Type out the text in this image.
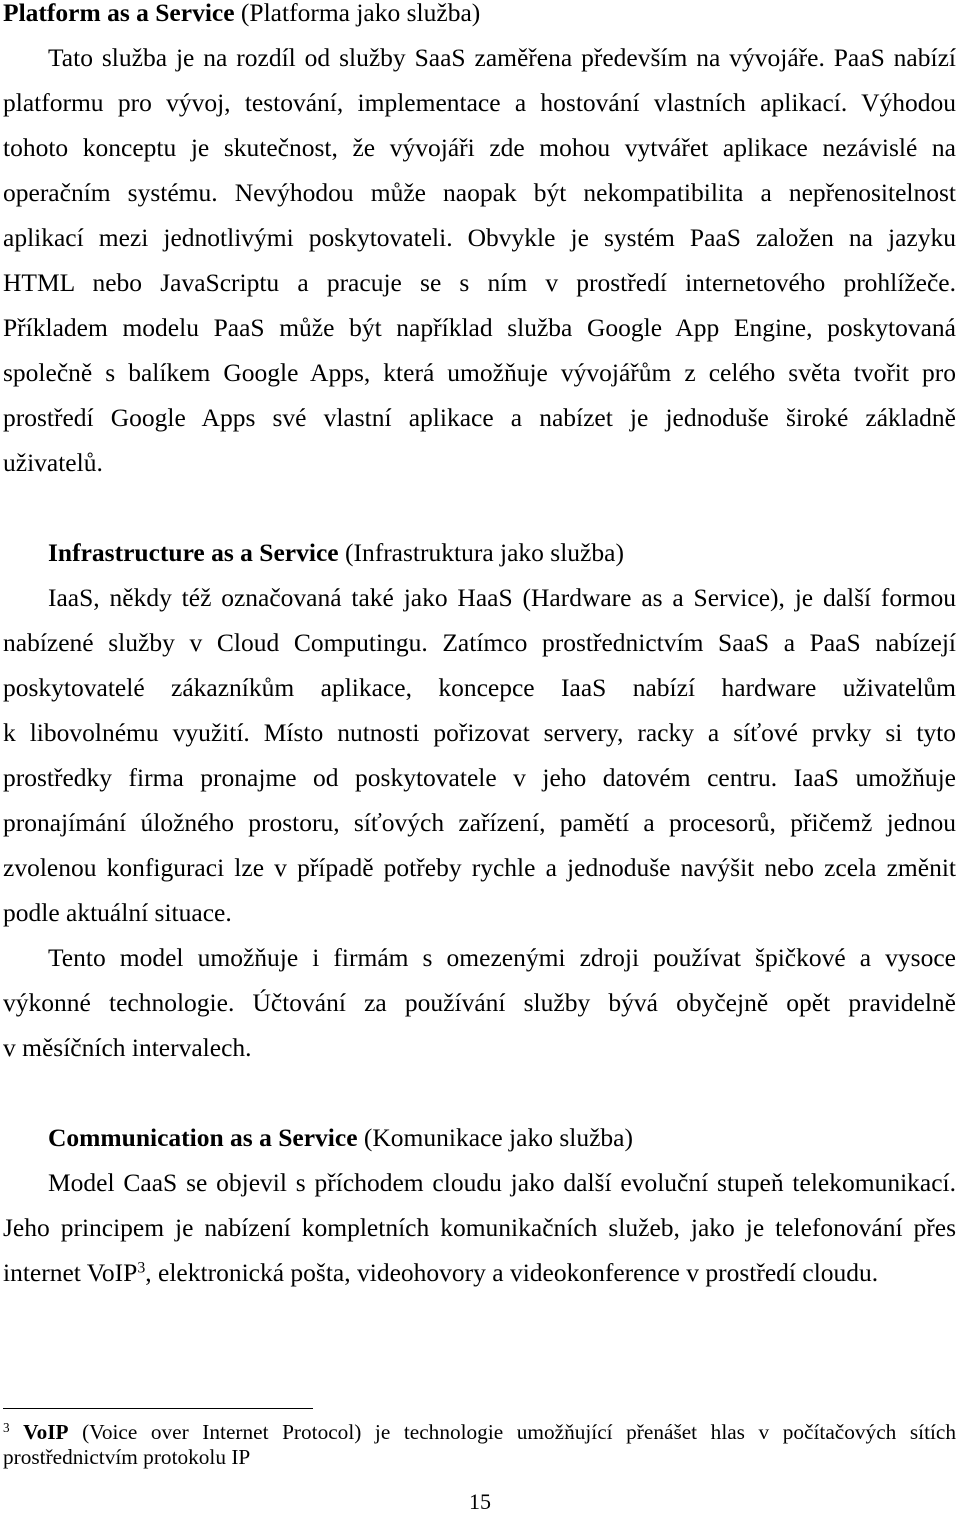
Platform as a Service (Platforma jako služba)
Tato služba je na rozdíl od služby SaaS zaměřena především na vývojáře. PaaS nabízí
platformu pro vývoj, testování, implementace a hostování vlastních aplikací. Výhodou
tohoto konceptu je skutečnost, že vývojáři zde mohou vytvářet aplikace nezávislé na
operačním systému. Nevýhodou může naopak být nekompatibilita a nepřenositelnost
aplikací mezi jednotlivými poskytovateli. Obvykle je systém PaaS založen na jazyku
HTML nebo JavaScriptu a pracuje se s ním v prostředí internetového prohlížeče.
Příkladem modelu PaaS může být například služba Google App Engine, poskytovaná
společně s balíkem Google Apps, která umožňuje vývojářům z celého světa tvořit pro
prostředí Google Apps své vlastní aplikace a nabízet je jednoduše široké základně
uživatelů.
Infrastructure as a Service (Infrastruktura jako služba)
IaaS, někdy též označovaná také jako HaaS (Hardware as a Service), je další formou
nabízené služby v Cloud Computingu. Zatímco prostřednictvím SaaS a PaaS nabízejí
poskytovatelé zákazníkům aplikace, koncepce IaaS nabízí hardware uživatelům
k libovolnému využití. Místo nutnosti pořizovat servery, racky a síťové prvky si tyto
prostředky firma pronajme od poskytovatele v jeho datovém centru. IaaS umožňuje
pronajímání úložného prostoru, síťových zařízení, pamětí a procesorů, přičemž jednou
zvolenou konfiguraci lze v případě potřeby rychle a jednoduše navýšit nebo zcela změnit
podle aktuální situace.
Tento model umožňuje i firmám s omezenými zdroji používat špičkové a vysoce
výkonné technologie. Účtování za používání služby bývá obyčejně opět pravidelně
v měsíčních intervalech.
Communication as a Service (Komunikace jako služba)
Model CaaS se objevil s příchodem cloudu jako další evoluční stupeň telekomunikací.
Jeho principem je nabízení kompletních komunikačních služeb, jako je telefonování přes
internet VoIP$^3$, elektronická pošta, videohovory a videokonference v prostředí cloudu.
$^3$ VoIP (Voice over Internet Protocol) je technologie umožňující přenášet hlas v počítačových sítích
prostřednictvím protokolu IP
15
